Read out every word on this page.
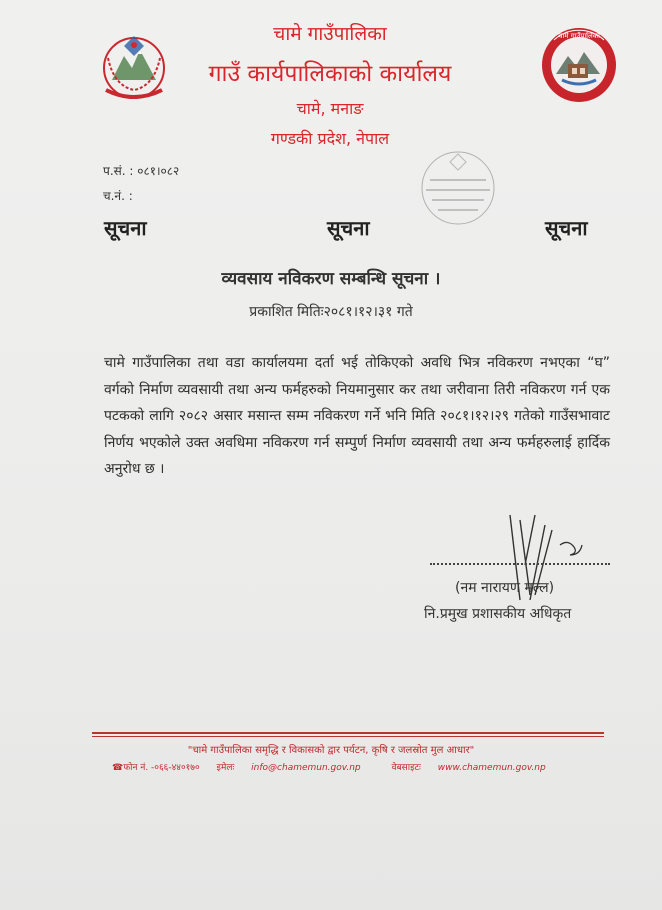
चामे गाउँपालिका
चामे गाउँपालिका
गाउँ कार्यपालिकाको कार्यालय
चामे, मनाङ
गण्डकी प्रदेश, नेपाल
प.सं. : ०८१।०८२
च.नं. :
सूचना	सूचना	सूचना
व्यवसाय नविकरण सम्बन्धि सूचना ।
प्रकाशित मितिः२०८१।१२।३१ गते
चामे गाउँपालिका तथा वडा कार्यालयमा दर्ता भई तोकिएको अवधि भित्र नविकरण नभएका “घ” वर्गको निर्माण व्यवसायी तथा अन्य फर्महरुको नियमानुसार कर तथा जरीवाना तिरी नविकरण गर्न एक पटकको लागि २०८२ असार मसान्त सम्म नविकरण गर्ने भनि मिति २०८१।१२।२९ गतेको गाउँसभावाट निर्णय भएकोले उक्त अवधिमा नविकरण गर्न सम्पुर्ण निर्माण व्यवसायी तथा अन्य फर्महरुलाई हार्दिक अनुरोध छ ।
(नम नारायण मल्ल)
नि.प्रमुख प्रशासकीय अधिकृत
"चामे गाउँपालिका समृद्धि र विकासको द्वार पर्यटन, कृषि र जलस्रोत मुल आधार"
☎फोन नं. -०६६-४४०१७० इमेलः info@chamemun.gov.np	वेबसाइटः www.chamemun.gov.np
